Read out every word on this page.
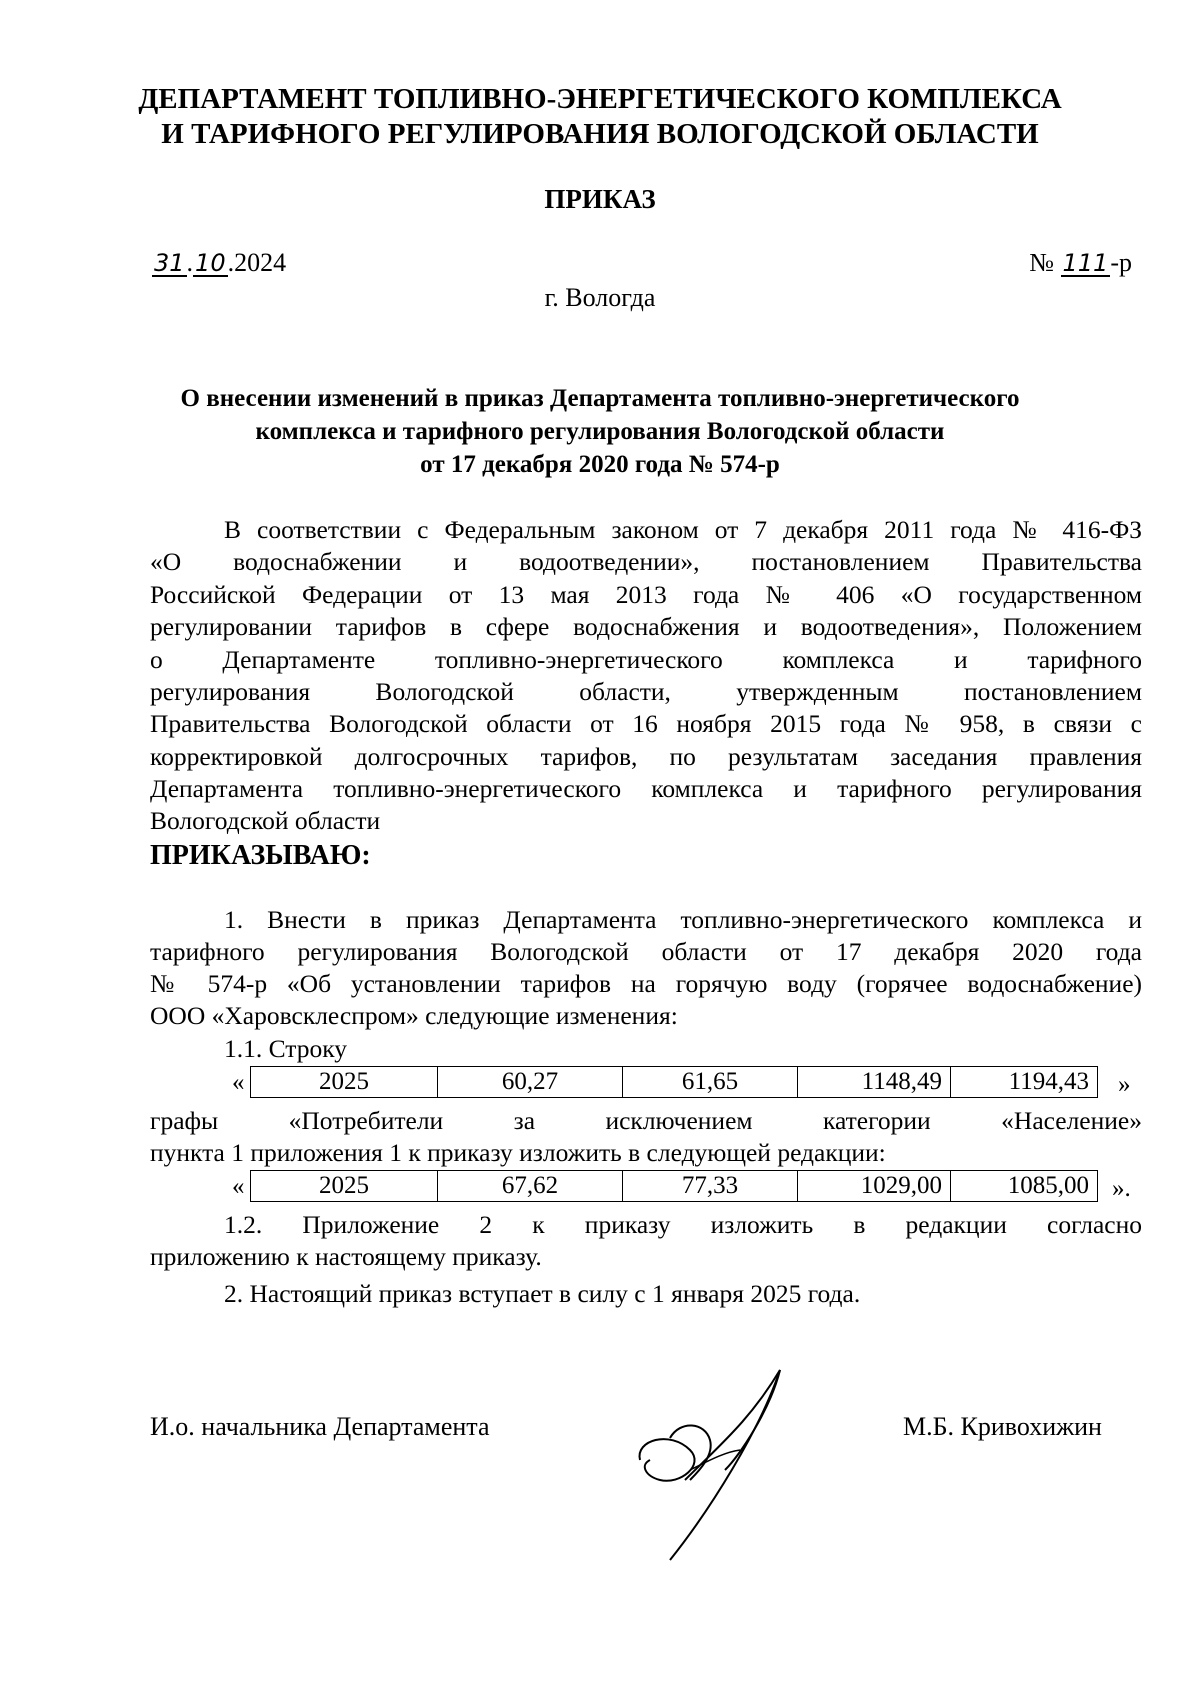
ДЕПАРТАМЕНТ ТОПЛИВНО-ЭНЕРГЕТИЧЕСКОГО КОМПЛЕКСА
И ТАРИФНОГО РЕГУЛИРОВАНИЯ ВОЛОГОДСКОЙ ОБЛАСТИ
ПРИКАЗ
31.10.2024	№ 111-р
г. Вологда
О внесении изменений в приказ Департамента топливно-энергетического
комплекса и тарифного регулирования Вологодской области
от 17 декабря 2020 года № 574-р
В соответствии с Федеральным законом от 7 декабря 2011 года № 416-ФЗ
«О водоснабжении и водоотведении», постановлением Правительства
Российской Федерации от 13 мая 2013 года № 406 «О государственном
регулировании тарифов в сфере водоснабжения и водоотведения», Положением
о Департаменте топливно-энергетического комплекса и тарифного
регулирования Вологодской области, утвержденным постановлением
Правительства Вологодской области от 16 ноября 2015 года № 958, в связи с
корректировкой долгосрочных тарифов, по результатам заседания правления
Департамента топливно-энергетического комплекса и тарифного регулирования
Вологодской области
ПРИКАЗЫВАЮ:
1. Внести в приказ Департамента топливно-энергетического комплекса и
тарифного регулирования Вологодской области от 17 декабря 2020 года
№ 574-р «Об установлении тарифов на горячую воду (горячее водоснабжение)
ООО «Харовсклеспром» следующие изменения:
1.1. Строку
«	2025	60,27	61,65	1148,49	1194,43 »
графы «Потребители за исключением категории «Население»
пункта 1 приложения 1 к приказу изложить в следующей редакции:
«	2025	67,62	77,33	1029,00	1085,00 ».
1.2. Приложение 2 к приказу изложить в редакции согласно
приложению к настоящему приказу.
2. Настоящий приказ вступает в силу с 1 января 2025 года.
И.о. начальника Департамента	М.Б. Кривохижин
